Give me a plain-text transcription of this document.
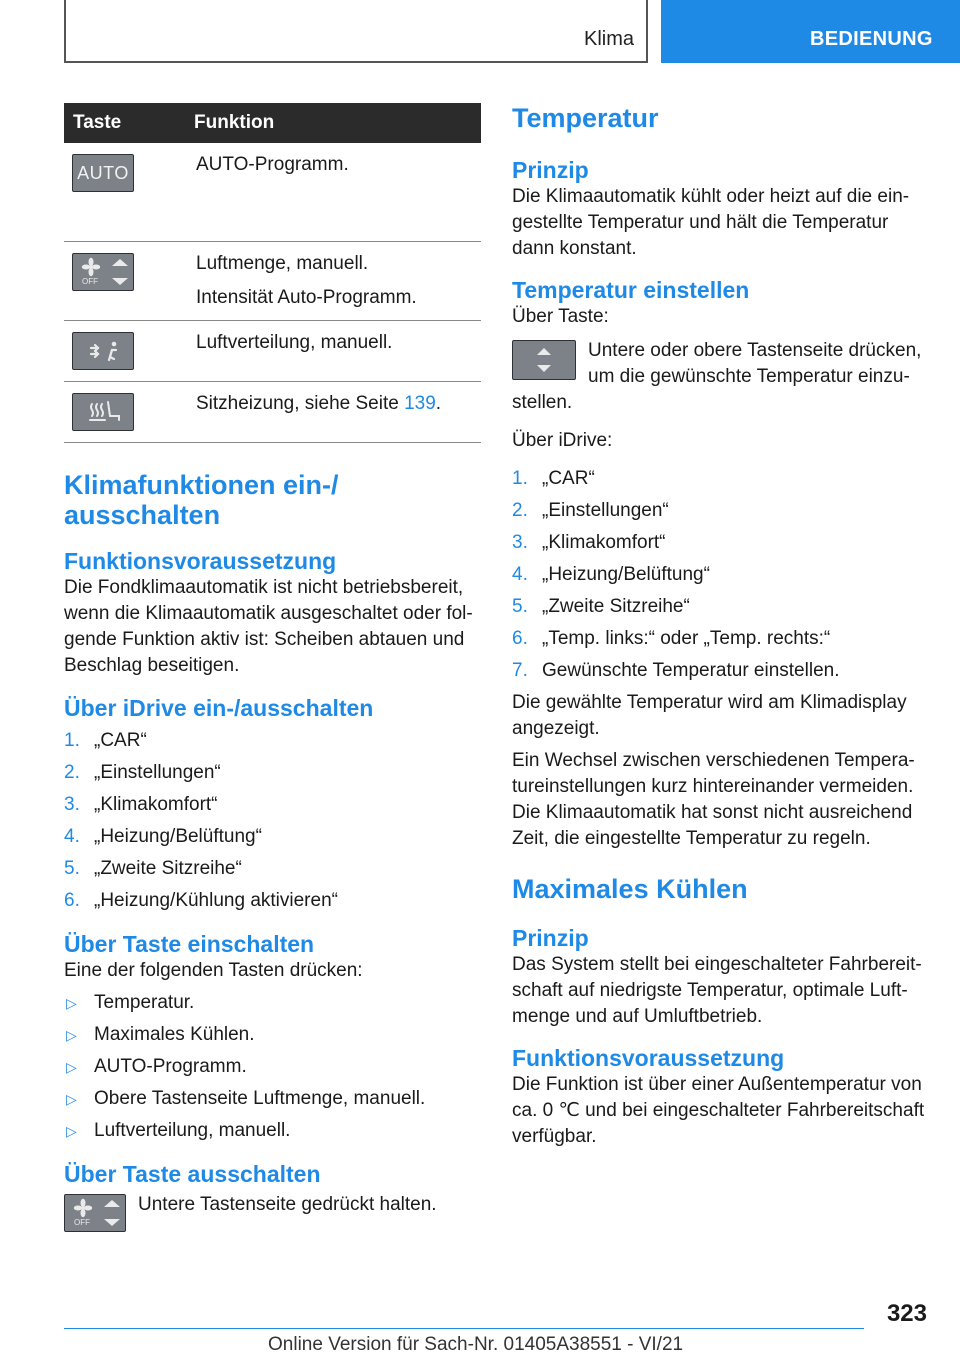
Klima	BEDIENUNG
Taste	Funktion

AUTO	AUTO-Programm.

OFF	Luftmenge, manuell.

Intensität Auto-Programm.

Luftverteilung, manuell.

Sitzheizung, siehe Seite 139.

Klimafunktionen ein-/ ausschalten
Funktionsvoraussetzung

Die Fondklimaautomatik ist nicht betriebsbereit, wenn die Klimaautomatik ausgeschaltet oder fol-gende Funktion aktiv ist: Scheiben abtauen und Beschlag beseitigen.

Über iDrive ein-/ausschalten
1. „CAR“
2. „Einstellungen“
3. „Klimakomfort“
4. „Heizung/Belüftung“
5. „Zweite Sitzreihe“
6. „Heizung/Kühlung aktivieren“
Über Taste einschalten

Eine der folgenden Tasten drücken:

▷ Temperatur.
▷ Maximales Kühlen.
▷ AUTO-Programm.
▷ Obere Tastenseite Luftmenge, manuell.
▷ Luftverteilung, manuell.
Über Taste ausschalten
OFF

Untere Tastenseite gedrückt halten.

Temperatur
Prinzip

Die Klimaautomatik kühlt oder heizt auf die ein-gestellte Temperatur und hält die Temperatur dann konstant.

Temperatur einstellen

Über Taste:

Untere oder obere Tastenseite drücken, um die gewünschte Temperatur einzu-stellen.

Über iDrive:

1. „CAR“
2. „Einstellungen“
3. „Klimakomfort“
4. „Heizung/Belüftung“
5. „Zweite Sitzreihe“
6. „Temp. links:“ oder „Temp. rechts:“
7. Gewünschte Temperatur einstellen.

Die gewählte Temperatur wird am Klimadisplay angezeigt.

Ein Wechsel zwischen verschiedenen Tempera-tureinstellungen kurz hintereinander vermeiden. Die Klimaautomatik hat sonst nicht ausreichend Zeit, die eingestellte Temperatur zu regeln.

Maximales Kühlen
Prinzip

Das System stellt bei eingeschalteter Fahrbereit-schaft auf niedrigste Temperatur, optimale Luft-menge und auf Umluftbetrieb.

Funktionsvoraussetzung

Die Funktion ist über einer Außentemperatur von ca. 0 ℃ und bei eingeschalteter Fahrbereitschaft verfügbar.

323
Online Version für Sach-Nr. 01405A38551 - VI/21
